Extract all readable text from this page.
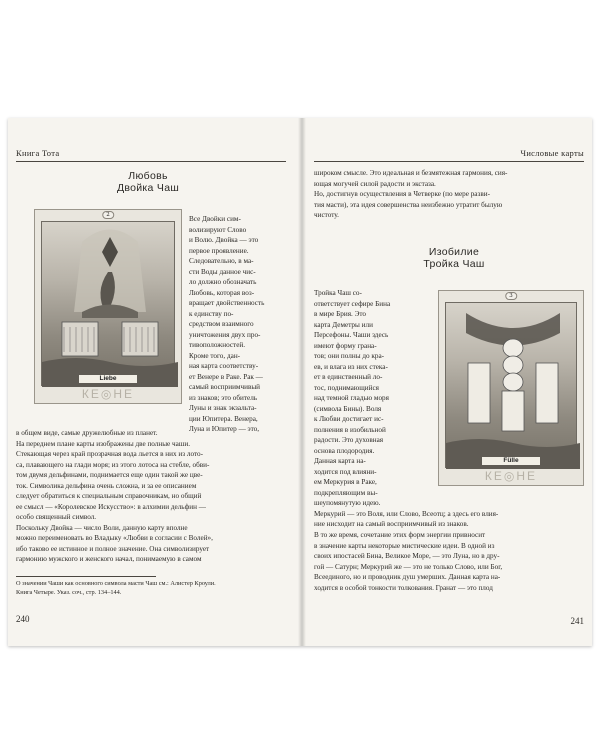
Книга Тота
Любовь
Двойка Чаш
2
Liebe
КЕ◎НЕ
Все Двойки сим-
волизируют Слово
и Волю. Двойка — это
первое проявление.
Следовательно, в ма-
сти Воды данное чис-
ло должно обозначать
Любовь, которая воз-
вращает двойственность
к единству по-
средством взаимного
уничтожения двух про-
тивоположностей.
Кроме того, дан-
ная карта соответству-
ет Венере в Раке. Рак —
самый восприимчивый
из знаков; это обитель
Луны и знак экзальта-
ции Юпитера. Венера,
Луна и Юпитер — это,
в общем виде, самые дружелюбные из планет.
На переднем плане карты изображены две полные чаши.
Стекающая через край прозрачная вода льется в них из лото-
са, плавающего на глади моря; из этого лотоса на стебле, обви-
том двумя дельфинами, поднимается еще один такой же цве-
ток. Символика дельфина очень сложна, и за ее описанием
следует обратиться к специальным справочникам, но общий
ее смысл — «Королевское Искусство»: в алхимии дельфин —
особо священный символ.
Поскольку Двойка — число Воли, данную карту вполне
можно переименовать во Владыку «Любви в согласии с Волей»,
ибо таково ее истинное и полное значение. Она символизирует
гармонию мужского и женского начал, понимаемую в самом
О значении Чаши как основного символа масти Чаш см.: Алистер Кроули.
Книга Четыре. Указ. соч., стр. 134–144.
240
Числовые карты
широком смысле. Это идеальная и безмятежная гармония, сия-
ющая могучей силой радости и экстаза.
Но, достигнув осуществления в Четверке (по мере разви-
тия масти), эта идея совершенства неизбежно утратит былую
чистоту.
Изобилие
Тройка Чаш
3
Fülle
КЕ◎НЕ
Тройка Чаш со-
ответствует сефире Бина
в мире Брия. Это
карта Деметры или
Персефоны. Чаши здесь
имеют форму грана-
тов; они полны до кра-
ев, и влага из них стека-
ет в единственный ло-
тос, поднимающийся
над темной гладью моря
(символа Бины). Воля
к Любви достигает ис-
полнения в изобильной
радости. Это духовная
основа плодородия.
Данная карта на-
ходится под влияни-
ем Меркурия в Раке,
подкрепляющим вы-
шеупомянутую идею.
Меркурий — это Воля, или Слово, Всеотц; а здесь его влия-
ние нисходит на самый восприимчивый из знаков.
В то же время, сочетание этих форм энергии привносит
в значение карты некоторые мистические идеи. В одной из
своих ипостасей Бина, Великое Море, — это Луна, но в дру-
гой — Сатурн; Меркурий же — это не только Слово, или Бог,
Всеединого, но и проводник душ умерших. Данная карта на-
ходится в особой тонкости толкования. Гранат — это плод
241
